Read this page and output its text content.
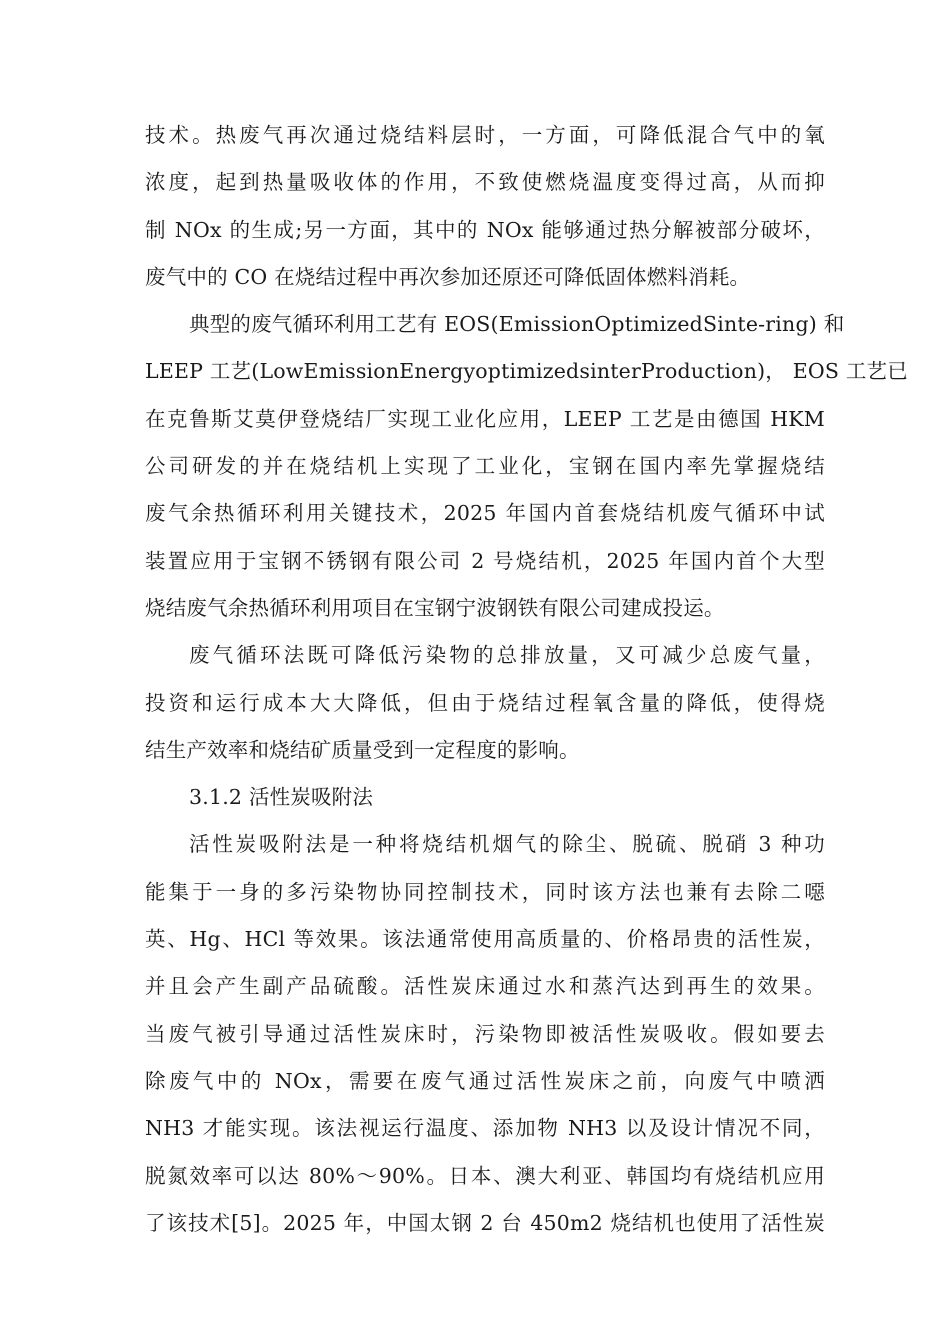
技术。热废气再次通过烧结料层时，一方面，可降低混合气中的氧
浓度，起到热量吸收体的作用，不致使燃烧温度变得过高，从而抑
制 NOx 的生成;另一方面，其中的 NOx 能够通过热分解被部分破坏，
废气中的 CO 在烧结过程中再次参加还原还可降低固体燃料消耗。
典型的废气循环利用工艺有 EOS(EmissionOptimizedSinte-ring) 和
LEEP 工艺(LowEmissionEnergyoptimizedsinterProduction)， EOS 工艺已
在克鲁斯艾莫伊登烧结厂实现工业化应用，LEEP 工艺是由德国 HKM
公司研发的并在烧结机上实现了工业化，宝钢在国内率先掌握烧结
废气余热循环利用关键技术，2025 年国内首套烧结机废气循环中试
装置应用于宝钢不锈钢有限公司 2 号烧结机，2025 年国内首个大型
烧结废气余热循环利用项目在宝钢宁波钢铁有限公司建成投运。
废气循环法既可降低污染物的总排放量，又可减少总废气量，
投资和运行成本大大降低，但由于烧结过程氧含量的降低，使得烧
结生产效率和烧结矿质量受到一定程度的影响。
3.1.2 活性炭吸附法
活性炭吸附法是一种将烧结机烟气的除尘、脱硫、脱硝 3 种功
能集于一身的多污染物协同控制技术，同时该方法也兼有去除二噁
英、Hg、HCl 等效果。该法通常使用高质量的、价格昂贵的活性炭，
并且会产生副产品硫酸。活性炭床通过水和蒸汽达到再生的效果。
当废气被引导通过活性炭床时，污染物即被活性炭吸收。假如要去
除废气中的 NOx，需要在废气通过活性炭床之前，向废气中喷洒
NH3 才能实现。该法视运行温度、添加物 NH3 以及设计情况不同，
脱氮效率可以达 80%～90%。日本、澳大利亚、韩国均有烧结机应用
了该技术[5]。2025 年，中国太钢 2 台 450m2 烧结机也使用了活性炭
